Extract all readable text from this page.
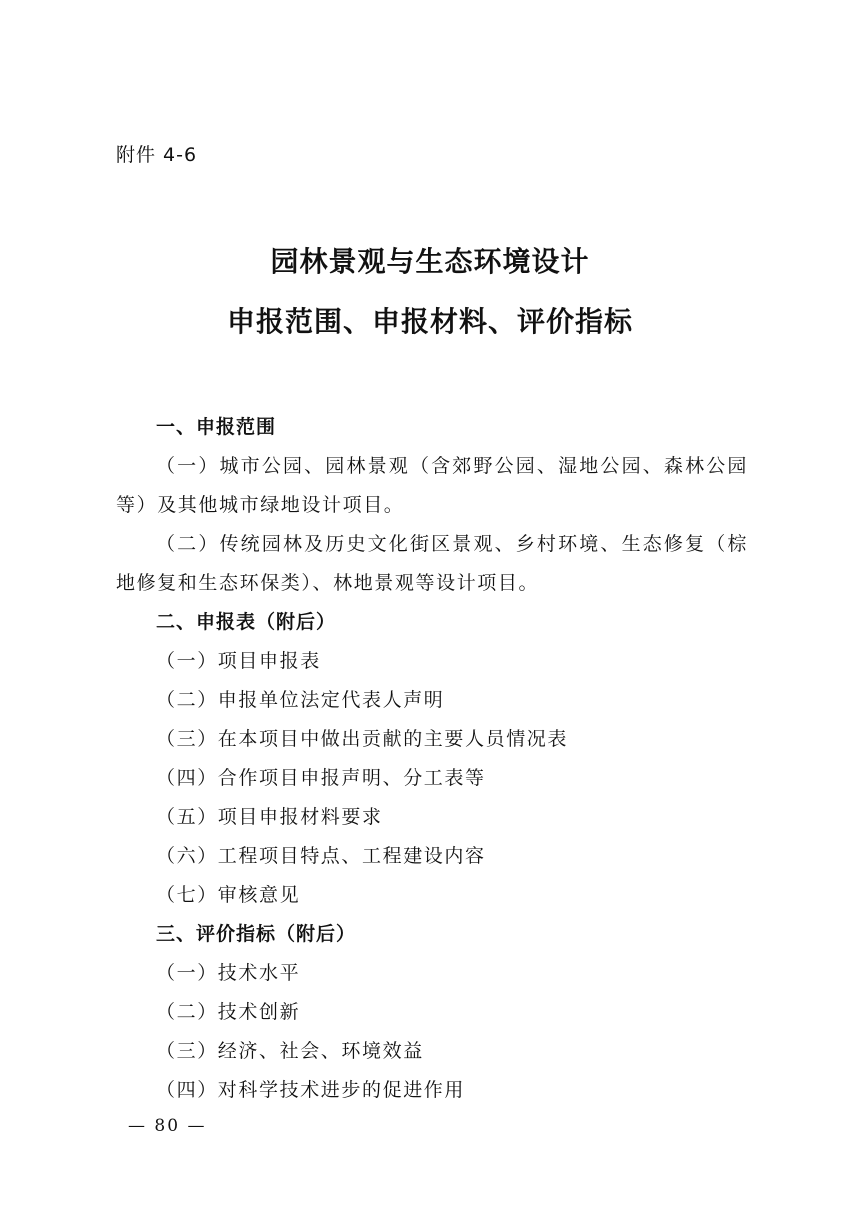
附件 4-6
园林景观与生态环境设计
申报范围、申报材料、评价指标
一、申报范围
（一）城市公园、园林景观（含郊野公园、湿地公园、森林公园等）及其他城市绿地设计项目。
（二）传统园林及历史文化街区景观、乡村环境、生态修复（棕地修复和生态环保类）、林地景观等设计项目。
二、申报表（附后）
（一）项目申报表
（二）申报单位法定代表人声明
（三）在本项目中做出贡献的主要人员情况表
（四）合作项目申报声明、分工表等
（五）项目申报材料要求
（六）工程项目特点、工程建设内容
（七）审核意见
三、评价指标（附后）
（一）技术水平
（二）技术创新
（三）经济、社会、环境效益
（四）对科学技术进步的促进作用
— 80 —
